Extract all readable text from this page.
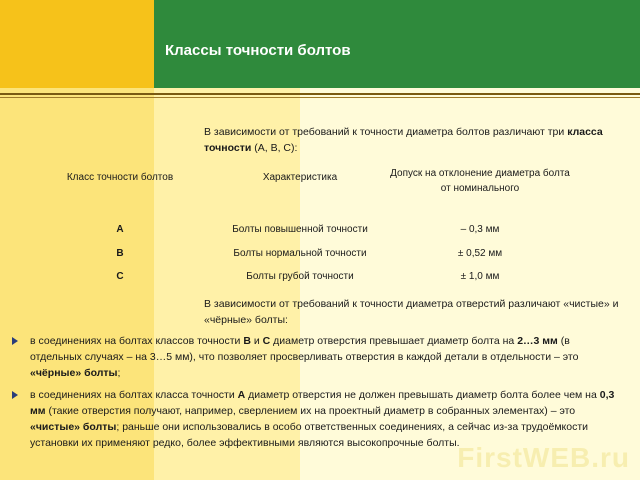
Классы точности болтов
В зависимости от требований к точности диаметра болтов различают три класса точности (А, В, С):
Класс точности болтов	Характеристика	Допуск на отклонение диаметра болта от номинального
А	Болты повышенной точности	– 0,3 мм
В	Болты нормальной точности	± 0,52 мм
С	Болты грубой точности	± 1,0 мм
В зависимости от требований к точности диаметра отверстий различают «чистые» и «чёрные» болты:
в соединениях на болтах классов точности В и С диаметр отверстия превышает диаметр болта на 2…3 мм (в отдельных случаях – на 3…5 мм), что позволяет просверливать отверстия в каждой детали в отдельности – это «чёрные» болты;
в соединениях на болтах класса точности А диаметр отверстия не должен превышать диаметр болта более чем на 0,3 мм (такие отверстия получают, например, сверлением их на проектный диаметр в собранных элементах) – это «чистые» болты; раньше они использовались в особо ответственных соединениях, а сейчас из-за трудоёмкости установки их применяют редко, более эффективными являются высокопрочные болты.
FirstWEB.ru
